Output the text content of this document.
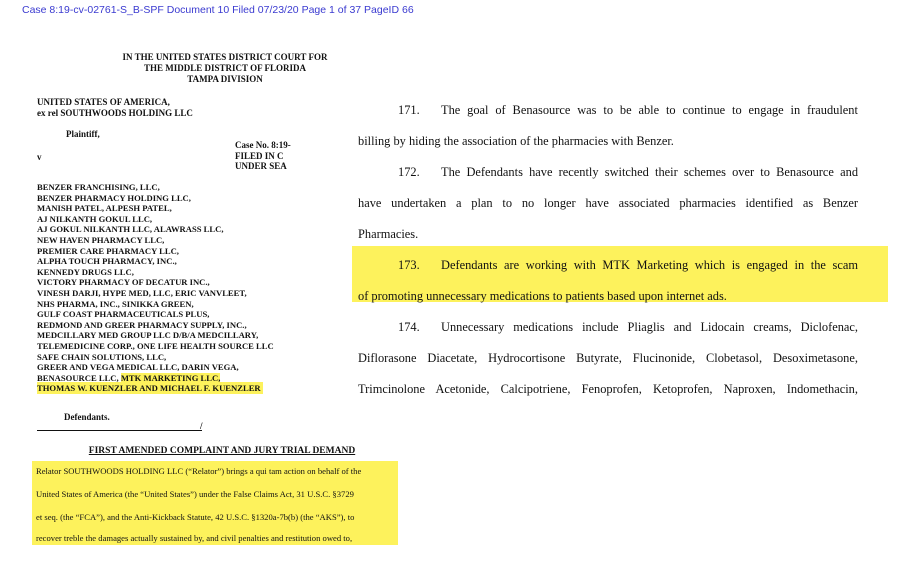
Case 8:19-cv-02761-S_B-SPF Document 10 Filed 07/23/20 Page 1 of 37 PageID 66
IN THE UNITED STATES DISTRICT COURT FOR
THE MIDDLE DISTRICT OF FLORIDA
TAMPA DIVISION
UNITED STATES OF AMERICA,
ex rel SOUTHWOODS HOLDING LLC
Plaintiff,
v
Case No. 8:19-
FILED IN C
UNDER SEA
BENZER FRANCHISING, LLC,
BENZER PHARMACY HOLDING LLC,
MANISH PATEL, ALPESH PATEL,
AJ NILKANTH GOKUL LLC,
AJ GOKUL NILKANTH LLC, ALAWRASS LLC,
NEW HAVEN PHARMACY LLC,
PREMIER CARE PHARMACY LLC,
ALPHA TOUCH PHARMACY, INC.,
KENNEDY DRUGS LLC,
VICTORY PHARMACY OF DECATUR INC.,
VINESH DARJI, HYPE MED, LLC, ERIC VANVLEET,
NHS PHARMA, INC., SINIKKA GREEN,
GULF COAST PHARMACEUTICALS PLUS,
REDMOND AND GREER PHARMACY SUPPLY, INC.,
MEDCILLARY MED GROUP LLC D/B/A MEDCILLARY,
TELEMEDICINE CORP., ONE LIFE HEALTH SOURCE LLC
SAFE CHAIN SOLUTIONS, LLC,
GREER AND VEGA MEDICAL LLC, DARIN VEGA,
BENASOURCE LLC, MTK MARKETING LLC,
THOMAS W. KUENZLER AND MICHAEL F. KUENZLER
Defendants.
/
FIRST AMENDED COMPLAINT AND JURY TRIAL DEMAND
Relator SOUTHWOODS HOLDING LLC (“Relator”) brings a qui tam action on behalf of the
United States of America (the “United States”) under the False Claims Act, 31 U.S.C. §3729
et seq. (the “FCA”), and the Anti-Kickback Statute, 42 U.S.C. §1320a-7b(b) (the “AKS”), to
recover treble the damages actually sustained by, and civil penalties and restitution owed to,
171. The goal of Benasource was to be able to continue to engage in fraudulent
billing by hiding the association of the pharmacies with Benzer.
172. The Defendants have recently switched their schemes over to Benasource and
have undertaken a plan to no longer have associated pharmacies identified as Benzer
Pharmacies.
173. Defendants are working with MTK Marketing which is engaged in the scam
of promoting unnecessary medications to patients based upon internet ads.
174. Unnecessary medications include Pliaglis and Lidocain creams, Diclofenac,
Diflorasone Diacetate, Hydrocortisone Butyrate, Flucinonide, Clobetasol, Desoximetasone,
Trimcinolone Acetonide, Calcipotriene, Fenoprofen, Ketoprofen, Naproxen, Indomethacin,
